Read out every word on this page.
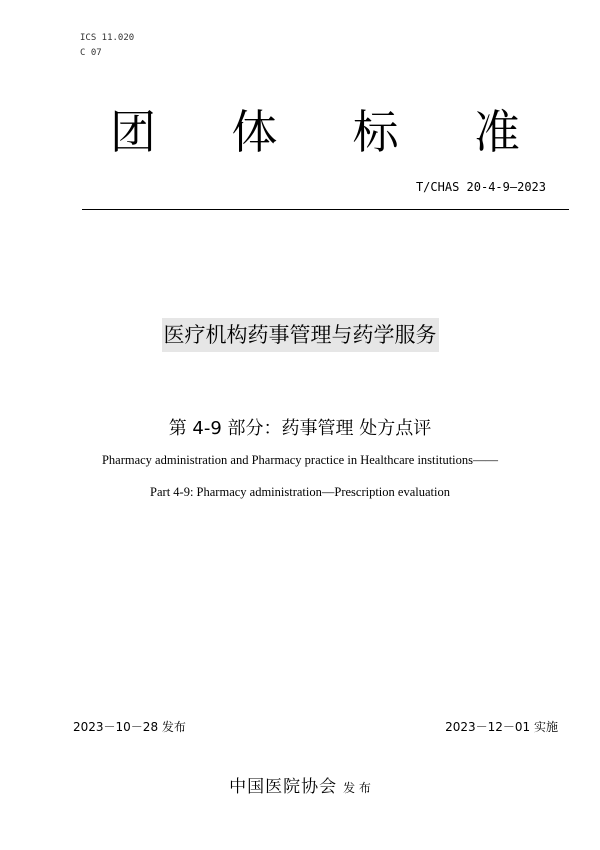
ICS 11.020
C 07
团 体 标 准
T/CHAS 20-4-9—2023
医疗机构药事管理与药学服务
第 4-9 部分：药事管理 处方点评
Pharmacy administration and Pharmacy practice in Healthcare institutions——
Part 4-9: Pharmacy administration—Prescription evaluation
2023－10－28 发布	2023－12－01 实施
中国医院协会 发 布
